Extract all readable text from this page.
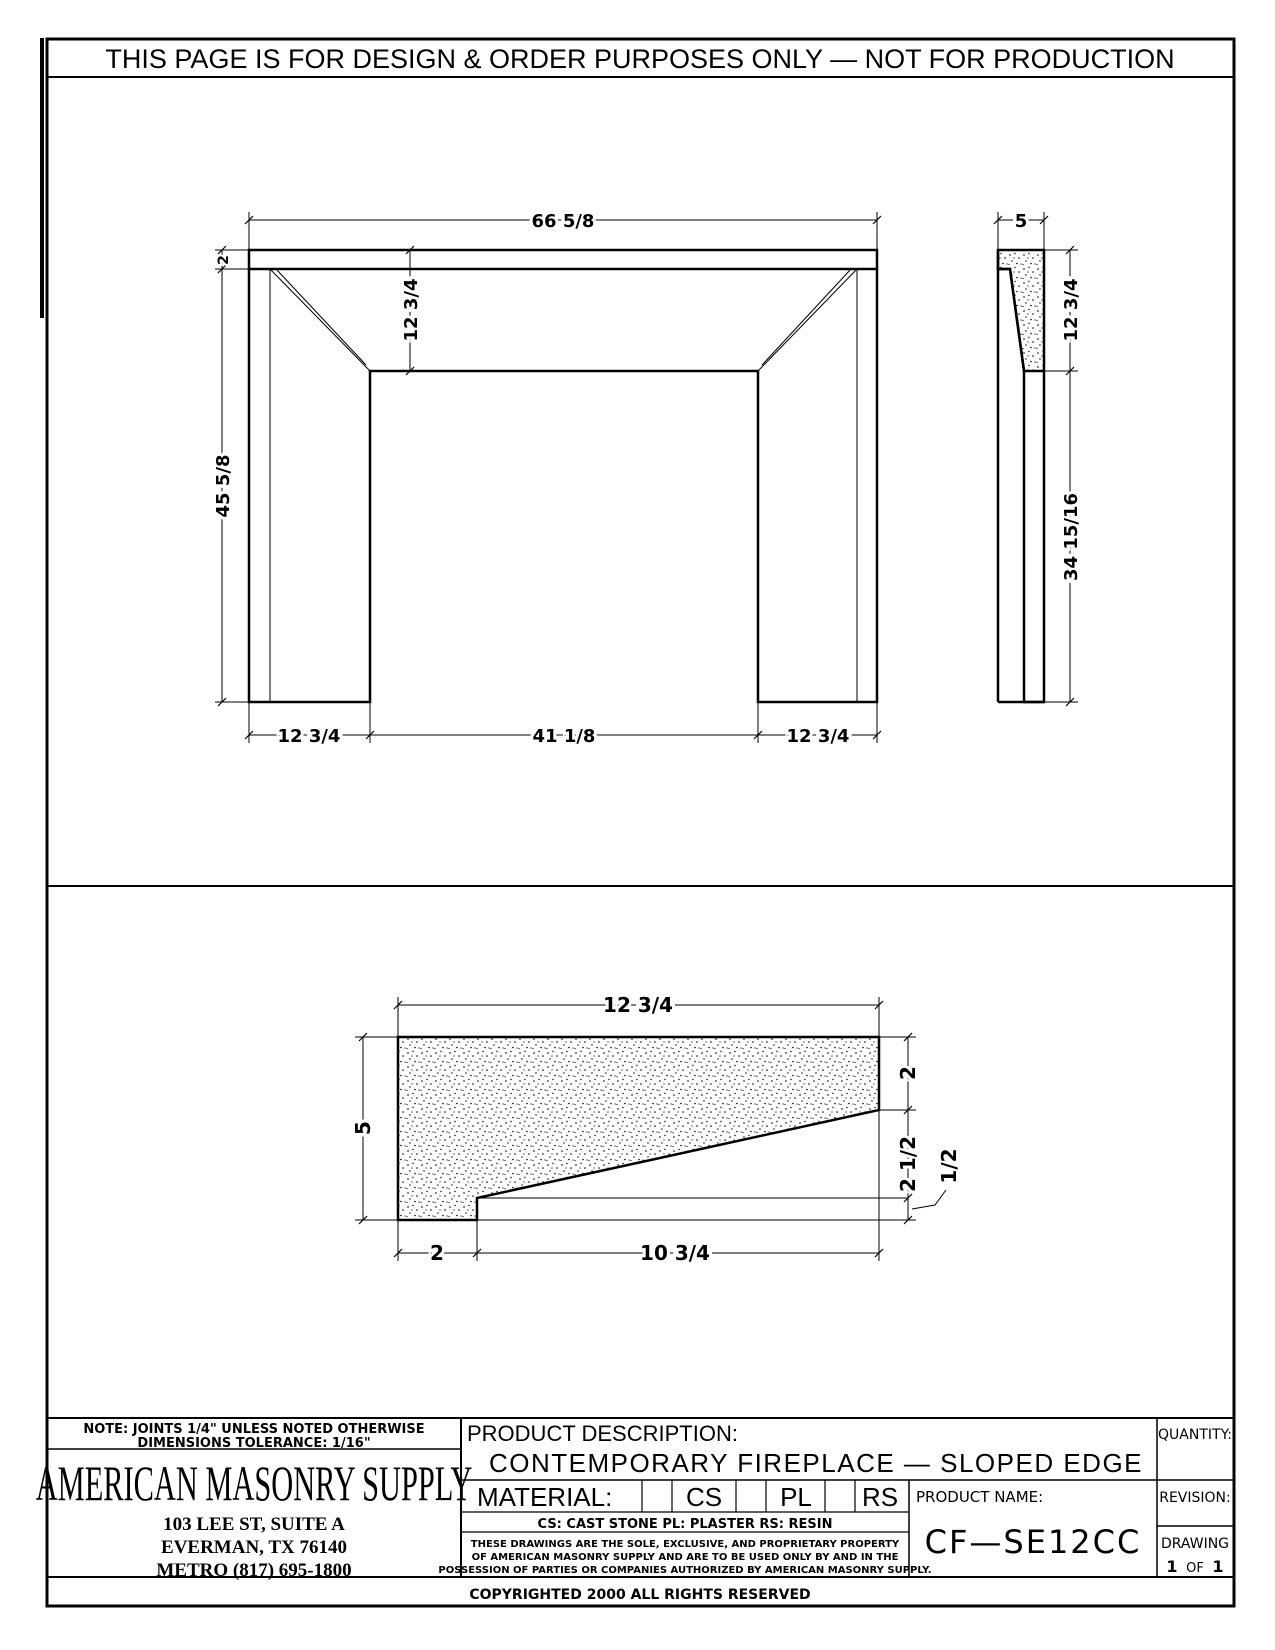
THIS PAGE IS FOR DESIGN & ORDER PURPOSES ONLY — NOT FOR PRODUCTION
66 5/8
45 5/8
2
12 3/4
12 3/4	41 1/8	12 3/4
5
12 3/4
34 15/16
12 3/4
5
2
2 1/2 1/2
2	10 3/4
NOTE: JOINTS 1/4" UNLESS NOTED OTHERWISE
DIMENSIONS TOLERANCE: 1/16"
AMERICAN MASONRY SUPPLY
103 LEE ST, SUITE A
EVERMAN, TX 76140
METRO (817) 695-1800
PRODUCT DESCRIPTION:
CONTEMPORARY FIREPLACE — SLOPED EDGE
MATERIAL:	CS PL RS
CS: CAST STONE PL: PLASTER RS: RESIN
THESE DRAWINGS ARE THE SOLE, EXCLUSIVE, AND PROPRIETARY PROPERTY
OF AMERICAN MASONRY SUPPLY AND ARE TO BE USED ONLY BY AND IN THE
POSSESSION OF PARTIES OR COMPANIES AUTHORIZED BY AMERICAN MASONRY SUPPLY.
PRODUCT NAME:
CF—SE12CC
QUANTITY:
REVISION:
DRAWING
1 OF 1
COPYRIGHTED 2000 ALL RIGHTS RESERVED
